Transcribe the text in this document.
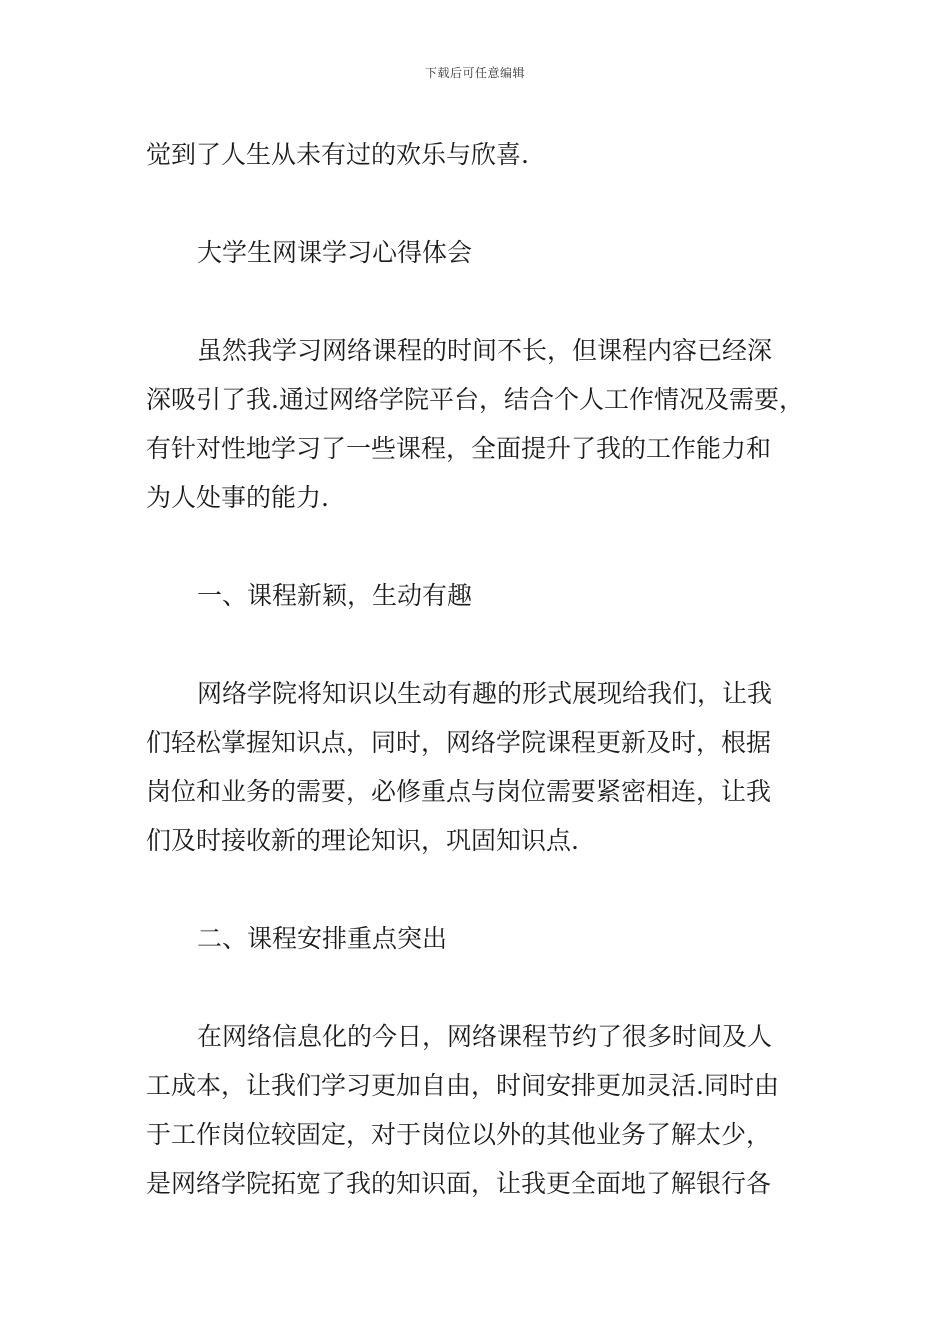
下载后可任意编辑
觉到了人生从未有过的欢乐与欣喜.
大学生网课学习心得体会
虽然我学习网络课程的时间不长，但课程内容已经深
深吸引了我.通过网络学院平台，结合个人工作情况及需要，
有针对性地学习了一些课程，全面提升了我的工作能力和
为人处事的能力.
一、课程新颖，生动有趣
网络学院将知识以生动有趣的形式展现给我们，让我
们轻松掌握知识点，同时，网络学院课程更新及时，根据
岗位和业务的需要，必修重点与岗位需要紧密相连，让我
们及时接收新的理论知识，巩固知识点.
二、课程安排重点突出
在网络信息化的今日，网络课程节约了很多时间及人
工成本，让我们学习更加自由，时间安排更加灵活.同时由
于工作岗位较固定，对于岗位以外的其他业务了解太少，
是网络学院拓宽了我的知识面，让我更全面地了解银行各
